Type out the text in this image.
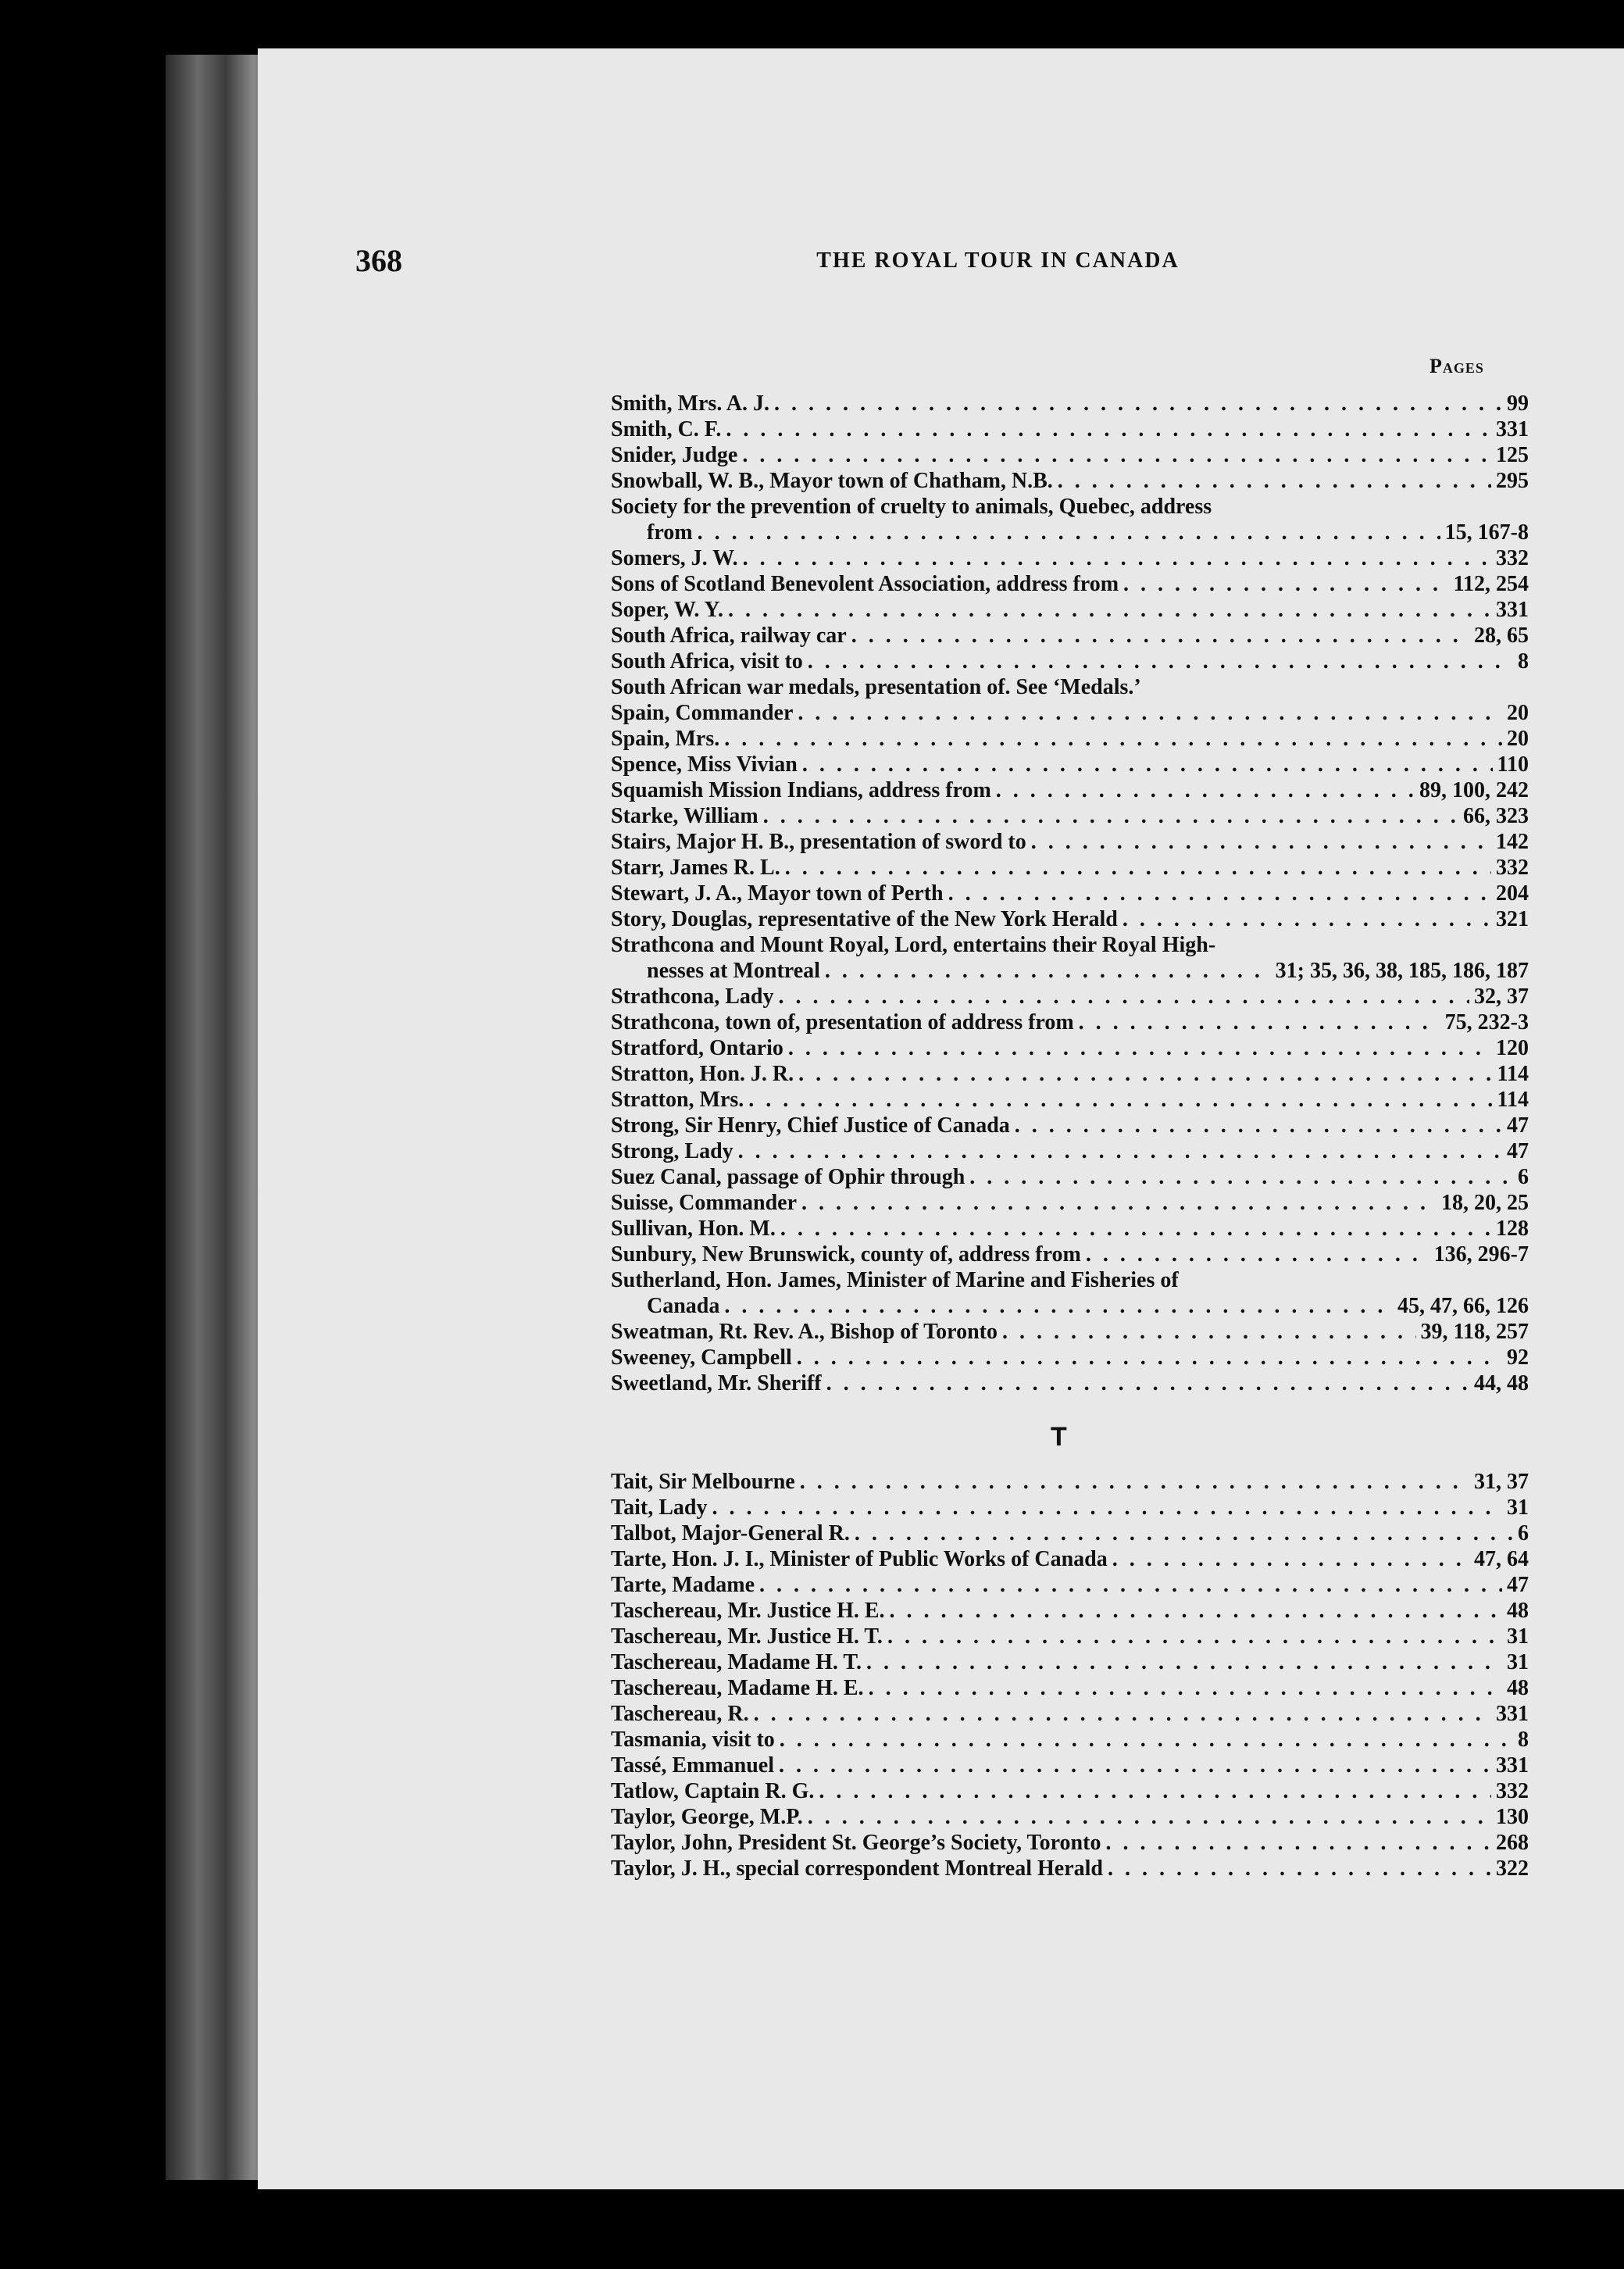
368	THE ROYAL TOUR IN CANADA
Pages
Smith, Mrs. A. J. . . .	99
Smith, C. F. . . .	331
Snider, Judge . . .	125
Snowball, W. B., Mayor town of Chatham, N.B. . . .	295
Society for the prevention of cruelty to animals, Quebec, address
from . . .	15, 167-8
Somers, J. W. . . .	332
Sons of Scotland Benevolent Association, address from . . .	112, 254
Soper, W. Y. . . .	331
South Africa, railway car . . .	28, 65
South Africa, visit to . . .	8
South African war medals, presentation of. See ‘Medals.’
Spain, Commander . . .	20
Spain, Mrs. . . .	20
Spence, Miss Vivian . . .	110
Squamish Mission Indians, address from . . .	89, 100, 242
Starke, William . . .	66, 323
Stairs, Major H. B., presentation of sword to . . .	142
Starr, James R. L. . . .	332
Stewart, J. A., Mayor town of Perth . . .	204
Story, Douglas, representative of the New York Herald . . .	321
Strathcona and Mount Royal, Lord, entertains their Royal High-
nesses at Montreal . . .	31; 35, 36, 38, 185, 186, 187
Strathcona, Lady . . .	32, 37
Strathcona, town of, presentation of address from . . .	75, 232-3
Stratford, Ontario . . .	120
Stratton, Hon. J. R. . . .	114
Stratton, Mrs. . . .	114
Strong, Sir Henry, Chief Justice of Canada . . .	47
Strong, Lady . . .	47
Suez Canal, passage of Ophir through . . .	6
Suisse, Commander . . .	18, 20, 25
Sullivan, Hon. M. . . .	128
Sunbury, New Brunswick, county of, address from . . .	136, 296-7
Sutherland, Hon. James, Minister of Marine and Fisheries of
Canada . . .	45, 47, 66, 126
Sweatman, Rt. Rev. A., Bishop of Toronto . . .	39, 118, 257
Sweeney, Campbell . . .	92
Sweetland, Mr. Sheriff . . .	44, 48
T
Tait, Sir Melbourne . . .	31, 37
Tait, Lady . . .	31
Talbot, Major-General R. . . .	6
Tarte, Hon. J. I., Minister of Public Works of Canada . . .	47, 64
Tarte, Madame . . .	47
Taschereau, Mr. Justice H. E. . . .	48
Taschereau, Mr. Justice H. T. . . .	31
Taschereau, Madame H. T. . . .	31
Taschereau, Madame H. E. . . .	48
Taschereau, R. . . .	331
Tasmania, visit to . . .	8
Tassé, Emmanuel . . .	331
Tatlow, Captain R. G. . . .	332
Taylor, George, M.P. . . .	130
Taylor, John, President St. George’s Society, Toronto . . .	268
Taylor, J. H., special correspondent Montreal Herald . . .	322
